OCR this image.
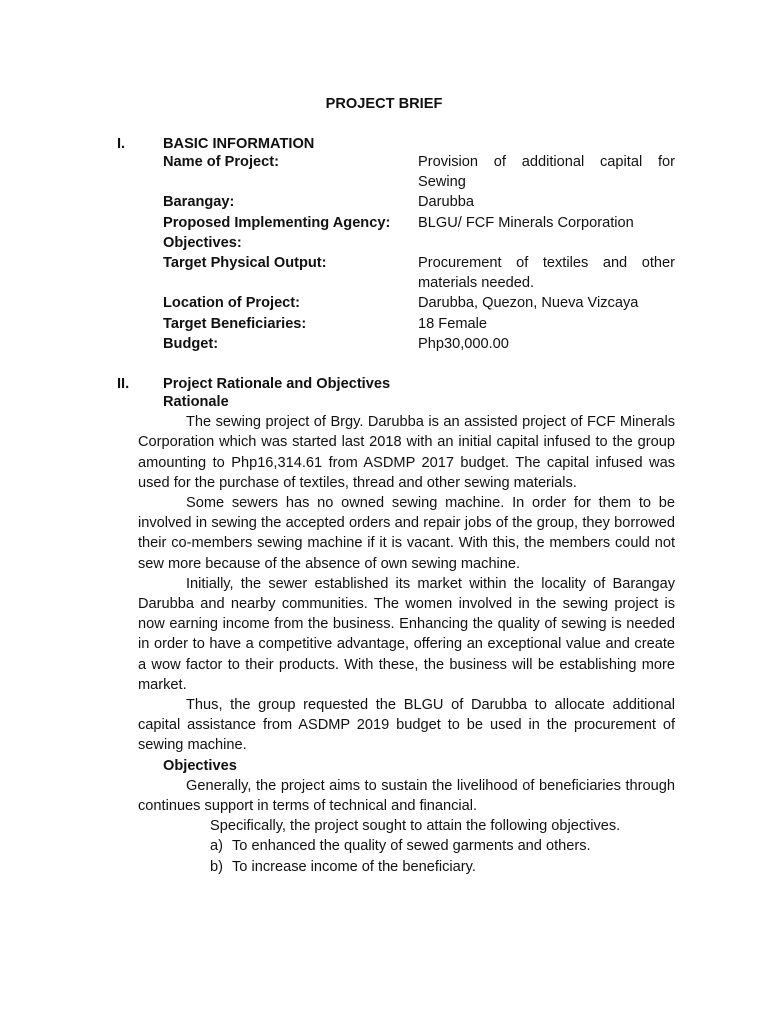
PROJECT BRIEF
I.	BASIC INFORMATION
Name of Project:	Provision of additional capital for Sewing
Barangay:	Darubba
Proposed Implementing Agency:	BLGU/ FCF Minerals Corporation
Objectives:
Target Physical Output:	Procurement of textiles and other materials needed.
Location of Project:	Darubba, Quezon, Nueva Vizcaya
Target Beneficiaries:	18 Female
Budget:	Php30,000.00
II. Project Rationale and Objectives

Rationale

The sewing project of Brgy. Darubba is an assisted project of FCF Minerals Corporation which was started last 2018 with an initial capital infused to the group amounting to Php16,314.61 from ASDMP 2017 budget. The capital infused was used for the purchase of textiles, thread and other sewing materials.

Some sewers has no owned sewing machine. In order for them to be involved in sewing the accepted orders and repair jobs of the group, they borrowed their co-members sewing machine if it is vacant. With this, the members could not sew more because of the absence of own sewing machine.

Initially, the sewer established its market within the locality of Barangay Darubba and nearby communities. The women involved in the sewing project is now earning income from the business. Enhancing the quality of sewing is needed in order to have a competitive advantage, offering an exceptional value and create a wow factor to their products. With these, the business will be establishing more market.

Thus, the group requested the BLGU of Darubba to allocate additional capital assistance from ASDMP 2019 budget to be used in the procurement of sewing machine.

Objectives

Generally, the project aims to sustain the livelihood of beneficiaries through continues support in terms of technical and financial.

Specifically, the project sought to attain the following objectives.

a) To enhanced the quality of sewed garments and others.
b) To increase income of the beneficiary.
